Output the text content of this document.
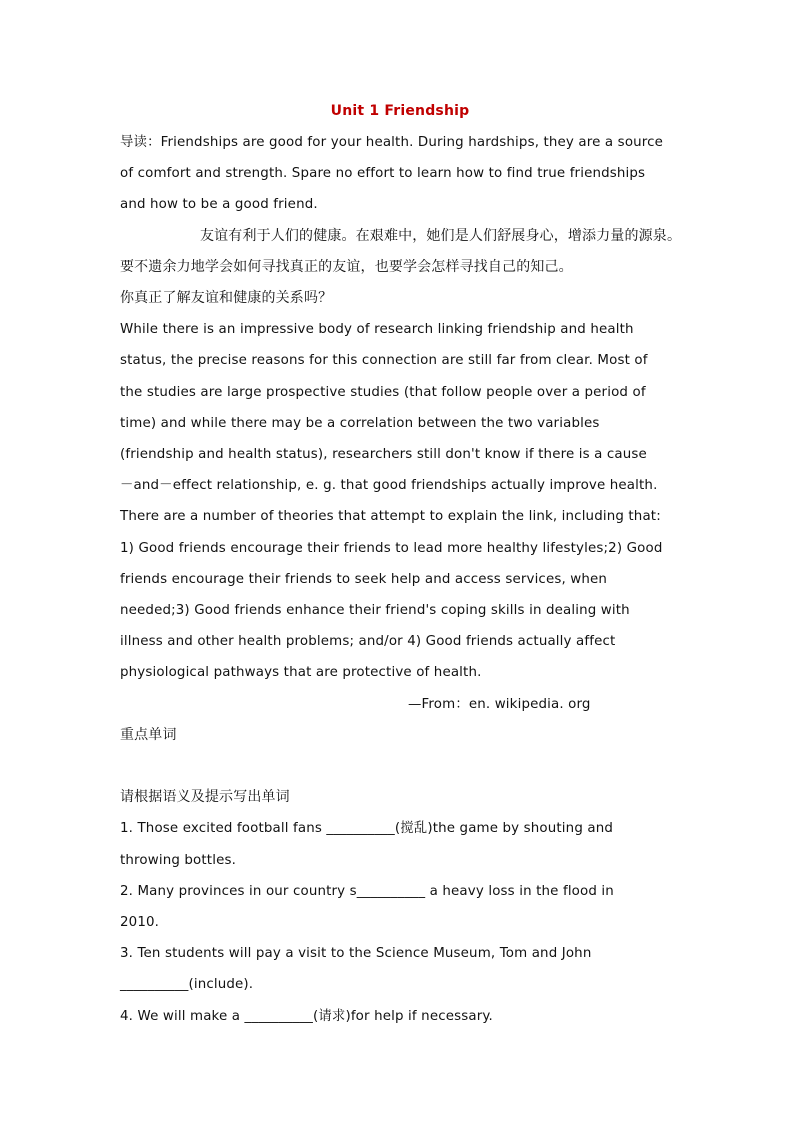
Unit 1 Friendship
导读：Friendships are good for your health. During hardships, they are a source
of comfort and strength. Spare no effort to learn how to find true friendships
and how to be a good friend.
友谊有利于人们的健康。在艰难中，她们是人们舒展身心，增添力量的源泉。
要不遗余力地学会如何寻找真正的友谊，也要学会怎样寻找自己的知己。
你真正了解友谊和健康的关系吗？
While there is an impressive body of research linking friendship and health
status, the precise reasons for this connection are still far from clear. Most of
the studies are large prospective studies (that follow people over a period of
time) and while there may be a correlation between the two variables
(friendship and health status), researchers still don't know if there is a cause
－and－effect relationship, e. g. that good friendships actually improve health.
There are a number of theories that attempt to explain the link, including that:
1) Good friends encourage their friends to lead more healthy lifestyles;2) Good
friends encourage their friends to seek help and access services, when
needed;3) Good friends enhance their friend's coping skills in dealing with
illness and other health problems; and/or 4) Good friends actually affect
physiological pathways that are protective of health.
—From：en. wikipedia. org
重点单词
请根据语义及提示写出单词
1. Those excited football fans __________(搅乱)the game by shouting and
throwing bottles.
2. Many provinces in our country s__________ a heavy loss in the flood in
2010.
3. Ten students will pay a visit to the Science Museum, Tom and John
__________(include).
4. We will make a __________(请求)for help if necessary.
